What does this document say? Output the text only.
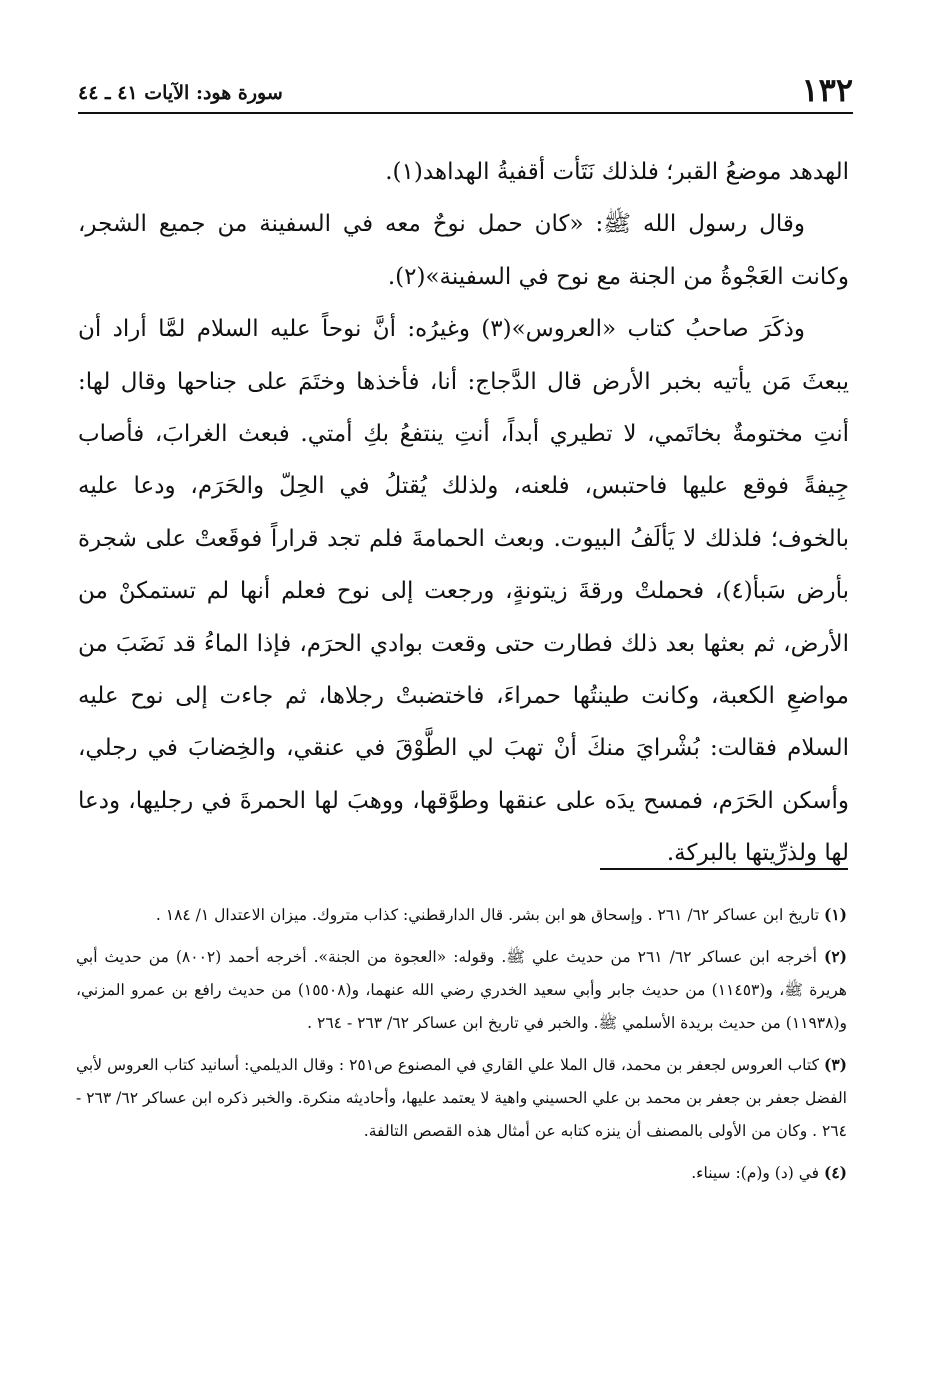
١٣٢
سورة هود: الآيات ٤١ ـ ٤٤

الهدهد موضعُ القبر؛ فلذلك نَتَأت أقفيةُ الهداهد(١).

وقال رسول الله ﷺ: «كان حمل نوحٌ معه في السفينة من جميع الشجر، وكانت العَجْوةُ من الجنة مع نوح في السفينة»(٢).

وذكَرَ صاحبُ كتاب «العروس»(٣) وغيرُه: أنَّ نوحاً عليه السلام لمَّا أراد أن يبعثَ مَن يأتيه بخبر الأرض قال الدَّجاج: أنا، فأخذها وختَمَ على جناحها وقال لها: أنتِ مختومةٌ بخاتَمي، لا تطيري أبداً، أنتِ ينتفعُ بكِ أمتي. فبعث الغرابَ، فأصاب جِيفةً فوقع عليها فاحتبس، فلعنه، ولذلك يُقتلُ في الحِلّ والحَرَم، ودعا عليه بالخوف؛ فلذلك لا يَألَفُ البيوت. وبعث الحمامةَ فلم تجد قراراً فوقَعتْ على شجرة بأرض سَبأ(٤)، فحملتْ ورقةَ زيتونةٍ، ورجعت إلى نوح فعلم أنها لم تستمكنْ من الأرض، ثم بعثها بعد ذلك فطارت حتى وقعت بوادي الحرَم، فإذا الماءُ قد نَضَبَ من مواضعِ الكعبة، وكانت طينتُها حمراءَ، فاختضبتْ رجلاها، ثم جاءت إلى نوح عليه السلام فقالت: بُشْرايَ منكَ أنْ تهبَ لي الطَّوْقَ في عنقي، والخِضابَ في رجلي، وأسكن الحَرَم، فمسح يدَه على عنقها وطوَّقها، ووهبَ لها الحمرةَ في رجليها، ودعا لها ولذرِّيتها بالبركة.

(١) تاريخ ابن عساكر ٦٢/ ٢٦١ . وإسحاق هو ابن بشر. قال الدارقطني: كذاب متروك. ميزان الاعتدال ١/ ١٨٤ .

(٢) أخرجه ابن عساكر ٦٢/ ٢٦١ من حديث علي ﷺ. وقوله: «العجوة من الجنة». أخرجه أحمد (٨٠٠٢) من حديث أبي هريرة ﷺ، و(١١٤٥٣) من حديث جابر وأبي سعيد الخدري رضي الله عنهما، و(١٥٥٠٨) من حديث رافع بن عمرو المزني، و(١١٩٣٨) من حديث بريدة الأسلمي ﷺ. والخبر في تاريخ ابن عساكر ٦٢/ ٢٦٣ - ٢٦٤ .

(٣) كتاب العروس لجعفر بن محمد، قال الملا علي القاري في المصنوع ص٢٥١ : وقال الديلمي: أسانيد كتاب العروس لأبي الفضل جعفر بن جعفر بن محمد بن علي الحسيني واهية لا يعتمد عليها، وأحاديثه منكرة. والخبر ذكره ابن عساكر ٦٢/ ٢٦٣ - ٢٦٤ . وكان من الأولى بالمصنف أن ينزه كتابه عن أمثال هذه القصص التالفة.

(٤) في (د) و(م): سيناء.
